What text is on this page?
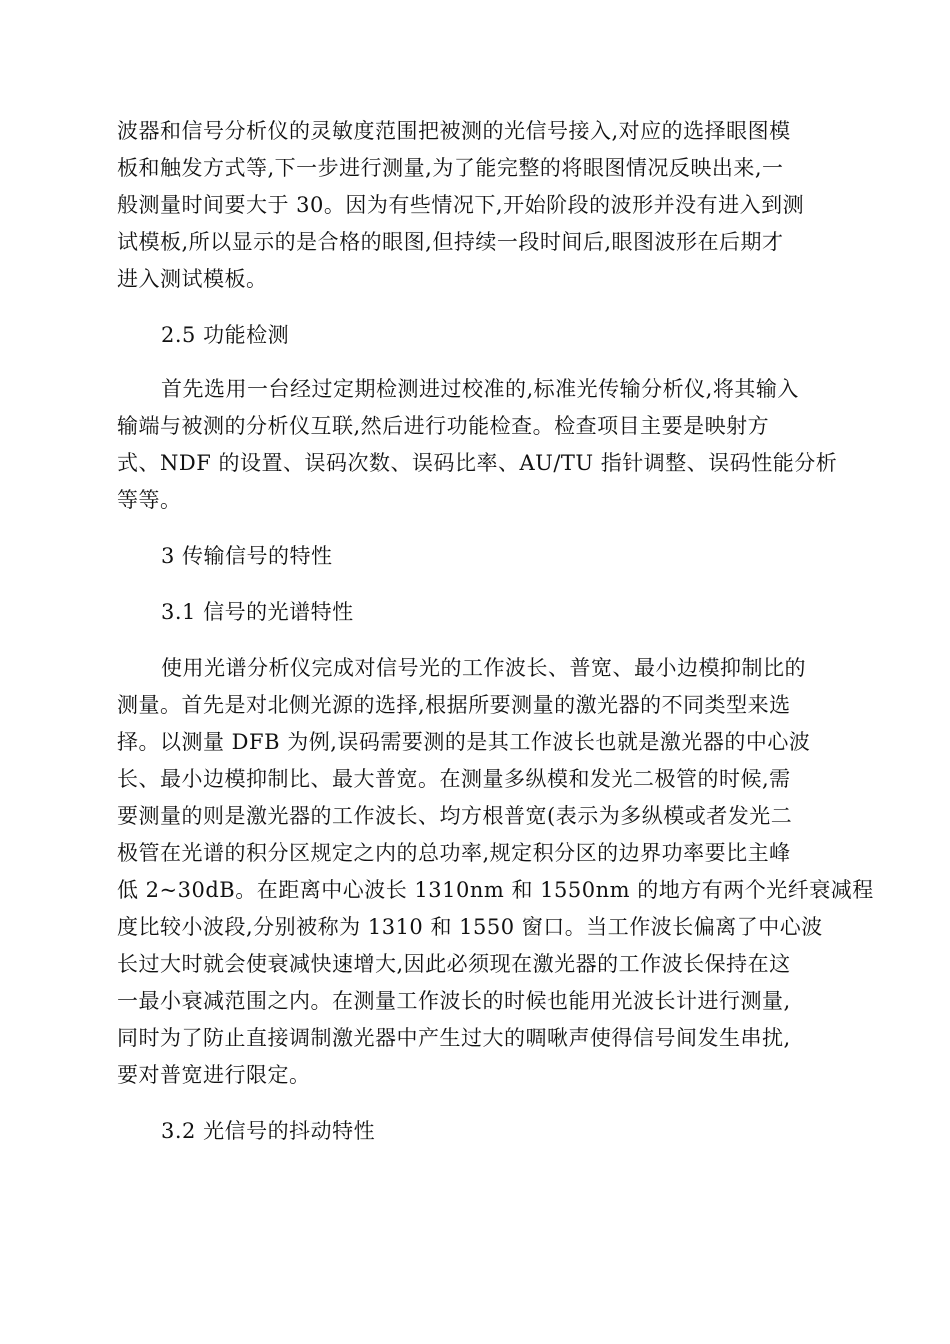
波器和信号分析仪的灵敏度范围把被测的光信号接入,对应的选择眼图模
板和触发方式等,下一步进行测量,为了能完整的将眼图情况反映出来,一
般测量时间要大于 30。因为有些情况下,开始阶段的波形并没有进入到测
试模板,所以显示的是合格的眼图,但持续一段时间后,眼图波形在后期才
进入测试模板。
2.5 功能检测
首先选用一台经过定期检测进过校准的,标准光传输分析仪,将其输入
输端与被测的分析仪互联,然后进行功能检查。检查项目主要是映射方
式、NDF 的设置、误码次数、误码比率、AU/TU 指针调整、误码性能分析
等等。
3 传输信号的特性
3.1 信号的光谱特性
使用光谱分析仪完成对信号光的工作波长、普宽、最小边模抑制比的
测量。首先是对北侧光源的选择,根据所要测量的激光器的不同类型来选
择。以测量 DFB 为例,误码需要测的是其工作波长也就是激光器的中心波
长、最小边模抑制比、最大普宽。在测量多纵模和发光二极管的时候,需
要测量的则是激光器的工作波长、均方根普宽(表示为多纵模或者发光二
极管在光谱的积分区规定之内的总功率,规定积分区的边界功率要比主峰
低 2~30dB。在距离中心波长 1310nm 和 1550nm 的地方有两个光纤衰减程
度比较小波段,分别被称为 1310 和 1550 窗口。当工作波长偏离了中心波
长过大时就会使衰减快速增大,因此必须现在激光器的工作波长保持在这
一最小衰减范围之内。在测量工作波长的时候也能用光波长计进行测量,
同时为了防止直接调制激光器中产生过大的啁啾声使得信号间发生串扰,
要对普宽进行限定。
3.2 光信号的抖动特性
